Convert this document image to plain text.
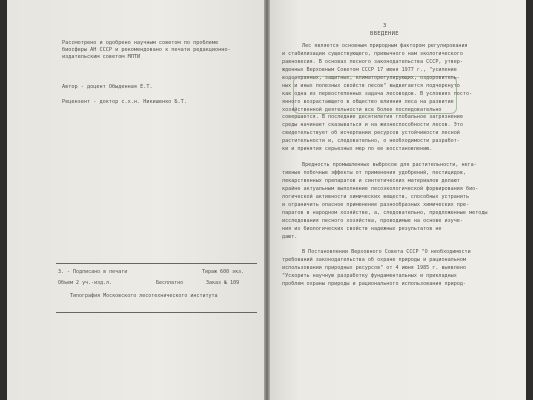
Рассмотрено и одобрено научным советом по проблеме
биосферы АН СССР и рекомендовано к печати редакционно-
издательским советом МЛТИ
Автор - доцент Обыденная Е.Т.
Рецензент - доктор с.х.н. Никишенко Б.Т.
3. - Подписано в печати	Тираж 600 экз.
Объем 2 уч.-изд.л.	Бесплатно	Заказ № 109
Типография Московского лесотехнического института
3
ВВЕДЕНИЕ
Лес является основным природным фактором регулирования
и стабилизации существующего, привычного нам экологического
равновесия. В основах лесного законодательства СССР, утвер-
жденных Верховным Советом СССР 17 июня 1977 г., "усиление
водоохранных, защитных, климаторегулирующих, оздоровитель-
ных и иных полезных свойств лесов" выдвигается подчеркнуто
как одна из первостепенных задача лесоводов. В условиях посто-
янного возрастающего в общество влияния леса на развитие
хозяйственной деятельности все более последовательно
совершается. В последние десятилетия глобальное загрязнение
среды начинает сказываться и на жизнеспособности лесов. Это
свидетельствует об исчерпании ресурсов устойчивости лесной
растительности и, следовательно, о необходимости разработ-
ки и принятия серьезных мер по ее восстановлению.
Вредность промышленных выбросов для растительности, нега-
тивные побочные эффекты от применения удобрений, пестицидов,
лекарственных препаратов и синтетических материалов делают
крайне актуальным выполнение лесоэкологической форвирования био-
логической активности химических веществ, способных устранить
и ограничить опасное применение разнообразных химических пре-
паратов в народном хозяйстве, а, следовательно, предложенные методы
исследования лесного хозяйства, проводимые на основе изуче-
ния их биологических свойств надежных результатов не
дают.
В Постановлении Верховного Совета СССР "О необходимости
требований законодательства об охране природы и рациональном
использовании природных ресурсов" от 4 июня 1985 г. выявлено
"Ускорить научную разработку фундаментальных и прикладных
проблем охраны природы и рационального использования природ-
